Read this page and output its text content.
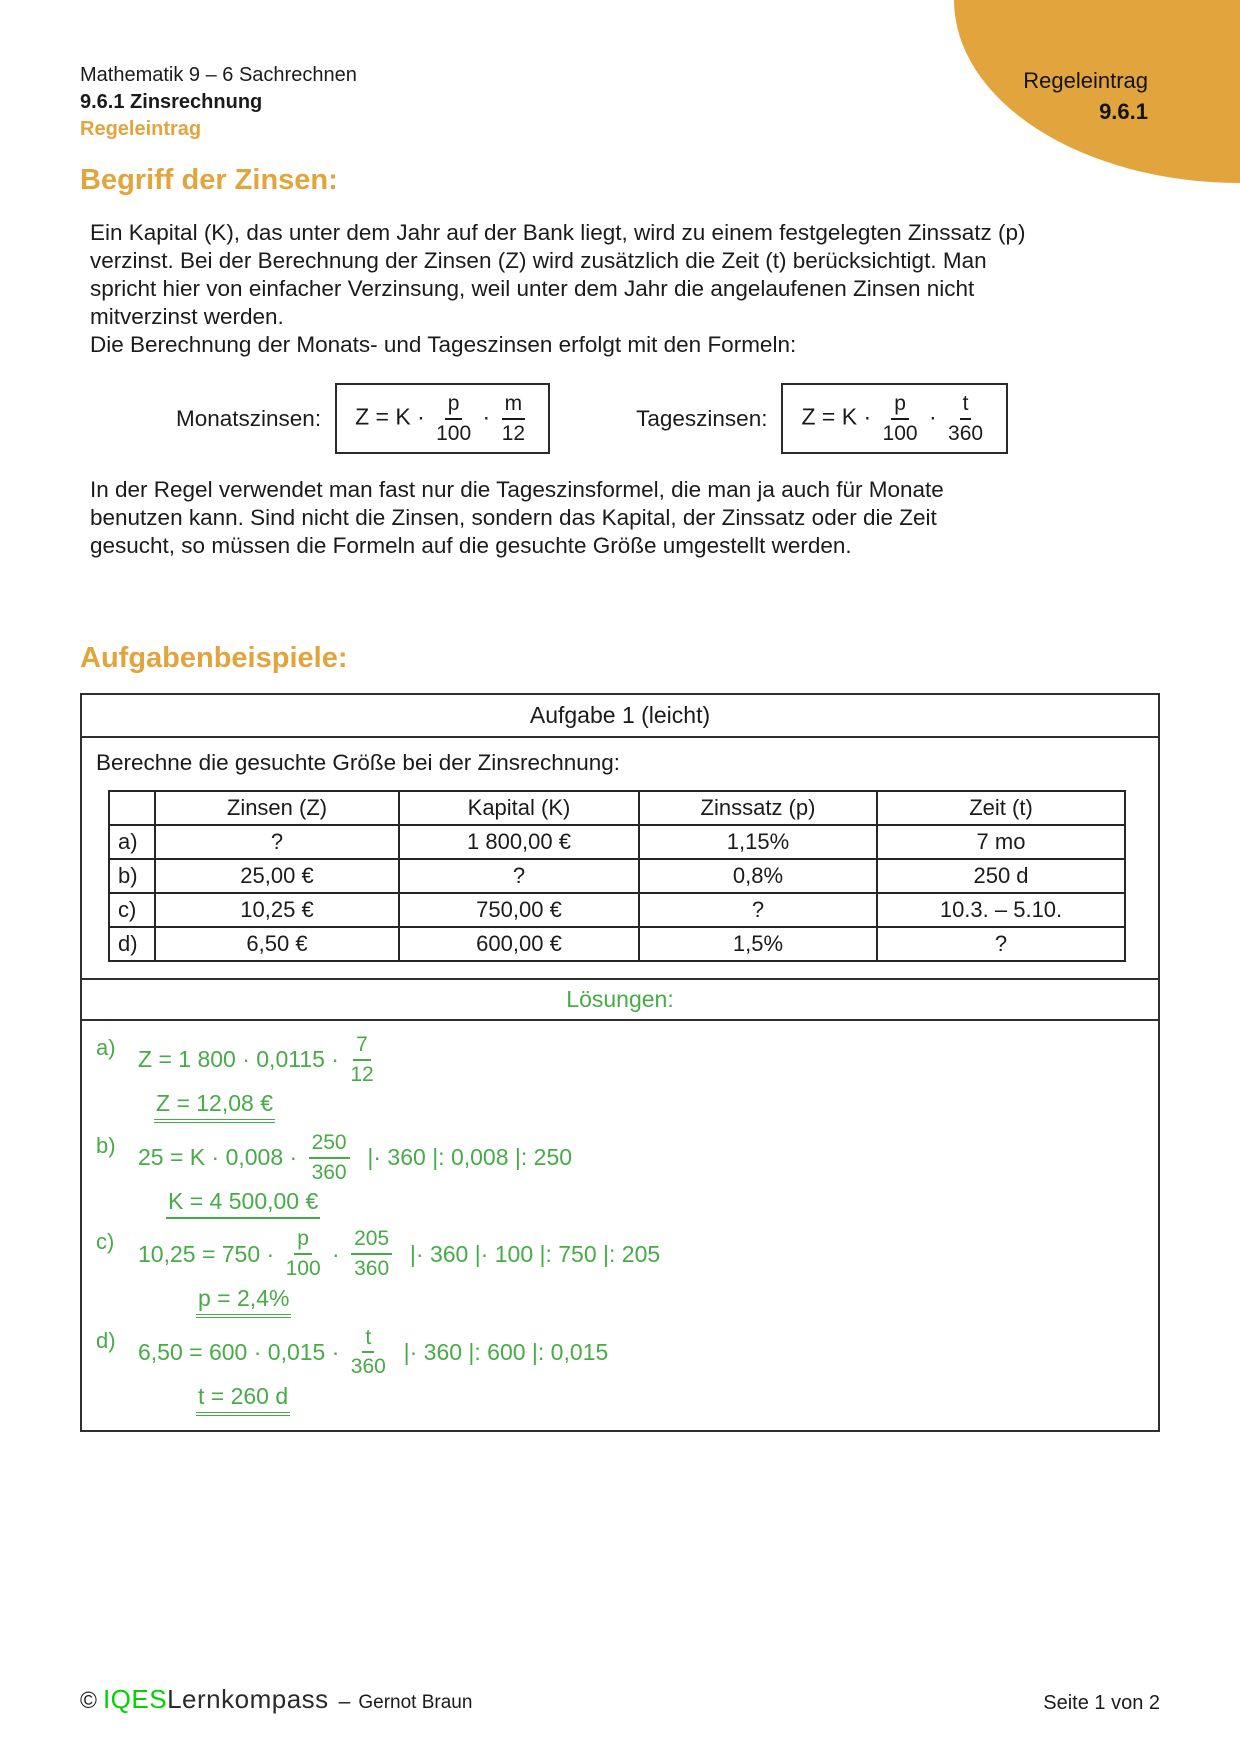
Regeleintrag
9.6.1
Mathematik 9 – 6 Sachrechnen
9.6.1 Zinsrechnung
Regeleintrag
Begriff der Zinsen:
Ein Kapital (K), das unter dem Jahr auf der Bank liegt, wird zu einem festgelegten Zinssatz (p)
verzinst. Bei der Berechnung der Zinsen (Z) wird zusätzlich die Zeit (t) berücksichtigt. Man
spricht hier von einfacher Verzinsung, weil unter dem Jahr die angelaufenen Zinsen nicht
mitverzinst werden.
Die Berechnung der Monats- und Tageszinsen erfolgt mit den Formeln:
Monatszinsen:	$Z = K \cdot \frac{p}{100} \cdot \frac{m}{12}$	Tageszinsen:	$Z = K \cdot \frac{p}{100} \cdot \frac{t}{360}$
In der Regel verwendet man fast nur die Tageszinsformel, die man ja auch für Monate
benutzen kann. Sind nicht die Zinsen, sondern das Kapital, der Zinssatz oder die Zeit
gesucht, so müssen die Formeln auf die gesuchte Größe umgestellt werden.
Aufgabenbeispiele:
Aufgabe 1 (leicht)
Berechne die gesuchte Größe bei der Zinsrechnung:
	Zinsen (Z)	Kapital (K)	Zinssatz (p)	Zeit (t)
a)	?	1 800,00 €	1,15%	7 mo
b)	25,00 €	?	0,8%	250 d
c)	10,25 €	750,00 €	?	10.3. – 5.10.
d)	6,50 €	600,00 €	1,5%	?
Lösungen:
a) Z = 1 $800 \cdot 0,0115 \cdot \frac{7}{12}$
Z = 12,08 €
b) $25 = K \cdot 0,008 \cdot \frac{250}{360}$ |· 360 |: 0,008 |: 250
K = 4 500,00 €
c)	$10,25 = 750 \cdot \frac{p}{100} \cdot \frac{205}{360}$ |· 360 |· 100 |: 750 |: 205
p = 2,4%
d) $6,50 = 600 \cdot 0,015 \cdot \frac{t}{360}$ |· 360 |: 600 |: 0,015
t = 260 d
© IQES Lernkompass – Gernot Braun	Seite 1 von 2
